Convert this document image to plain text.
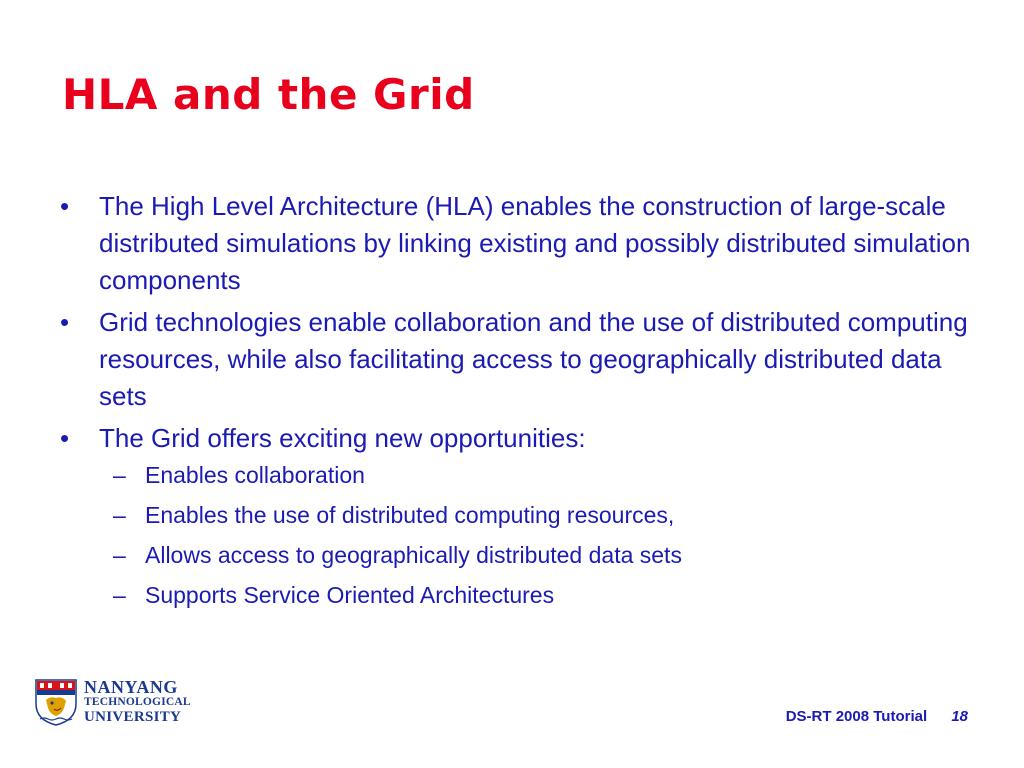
HLA and the Grid
• The High Level Architecture (HLA) enables the construction of large-scale distributed simulations by linking existing and possibly distributed simulation components
• Grid technologies enable collaboration and the use of distributed computing resources, while also facilitating access to geographically distributed data sets
• The Grid offers exciting new opportunities:
– Enables collaboration
– Enables the use of distributed computing resources,
– Allows access to geographically distributed data sets
– Supports Service Oriented Architectures
NANYANG
TECHNOLOGICAL
UNIVERSITY	DS-RT 2008 Tutorial 18
